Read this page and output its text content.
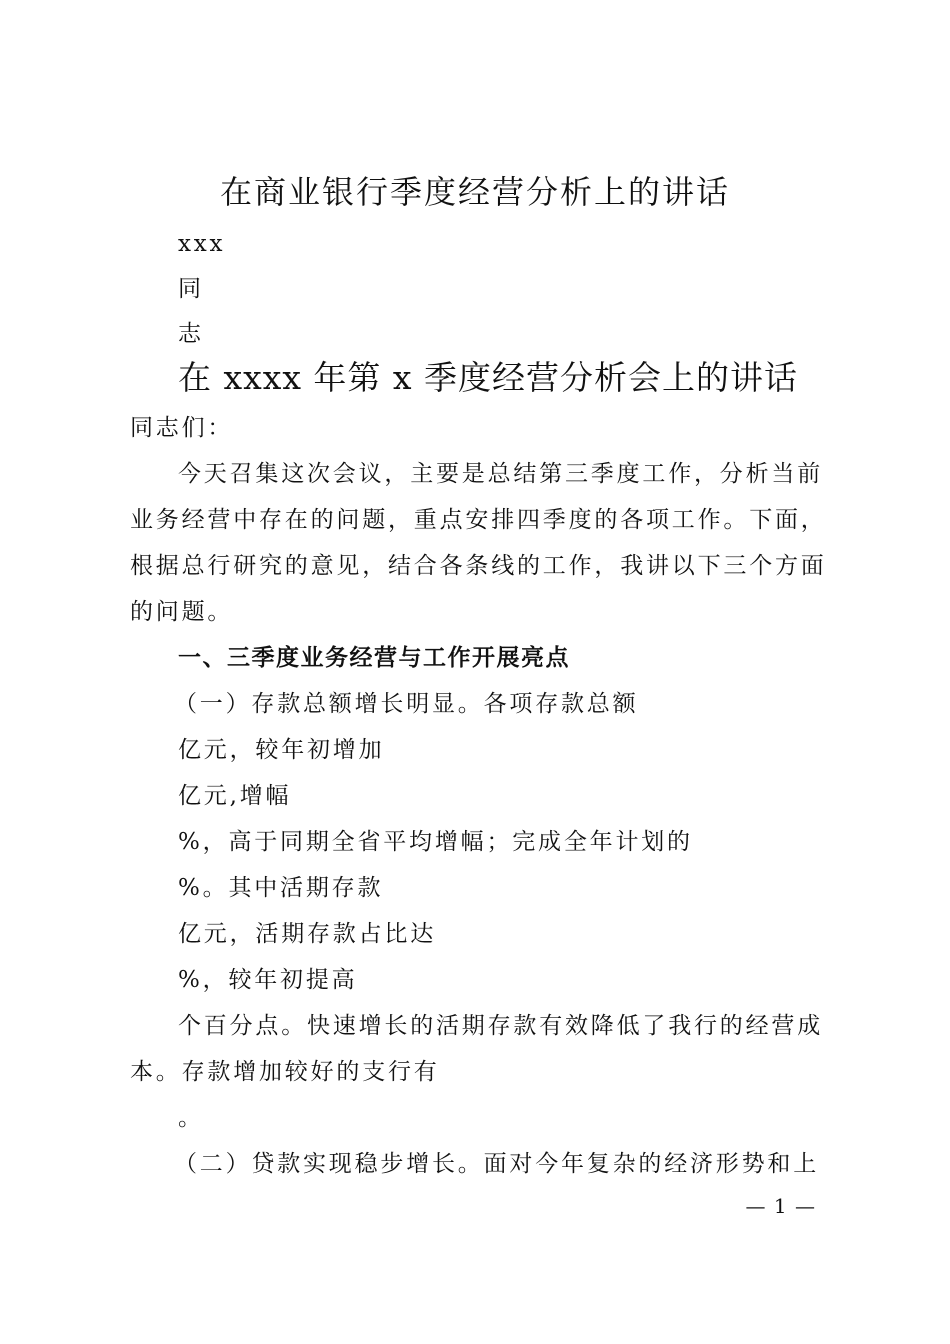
在商业银行季度经营分析上的讲话
xxx
同
志
在 xxxx 年第 x 季度经营分析会上的讲话
同志们：
今天召集这次会议，主要是总结第三季度工作，分析当前
业务经营中存在的问题，重点安排四季度的各项工作。下面，
根据总行研究的意见，结合各条线的工作，我讲以下三个方面
的问题。
一、三季度业务经营与工作开展亮点
（一）存款总额增长明显。各项存款总额
亿元，较年初增加
亿元,增幅
%，高于同期全省平均增幅；完成全年计划的
%。其中活期存款
亿元，活期存款占比达
%，较年初提高
个百分点。快速增长的活期存款有效降低了我行的经营成
本。存款增加较好的支行有
。
（二）贷款实现稳步增长。面对今年复杂的经济形势和上
— 1 —
